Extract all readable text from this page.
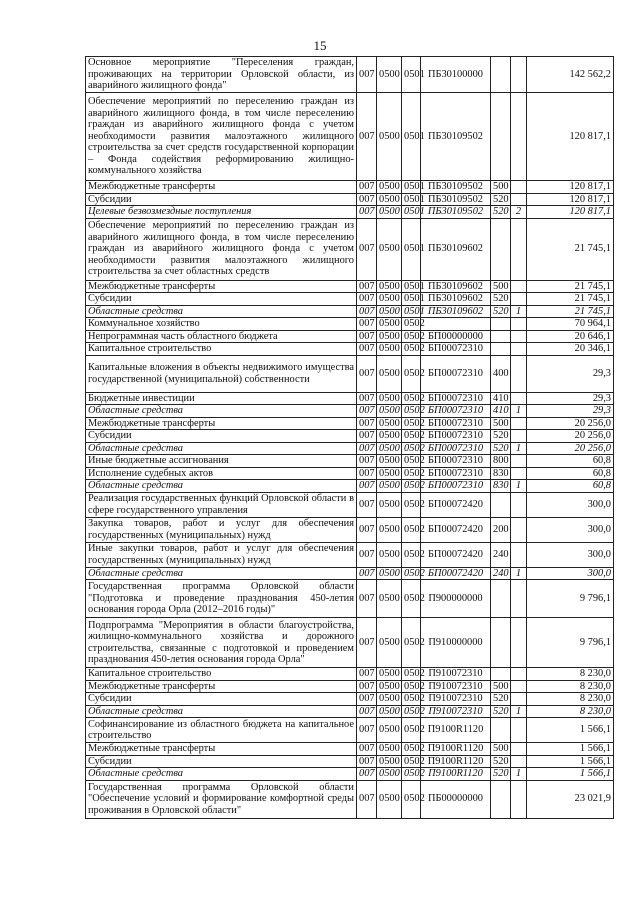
15
Основное мероприятие "Переселения граждан, проживающих на территории Орловской области, из аварийного жилищного фонда"	007	0500	0501	ПБ30100000			142 562,2
Обеспечение мероприятий по переселению граждан из аварийного жилищного фонда, в том числе переселению граждан из аварийного жилищного фонда с учетом необходимости развития малоэтажного жилищного строительства за счет средств государственной корпорации – Фонда содействия реформированию жилищно-коммунального хозяйства	007	0500	0501	ПБ30109502			120 817,1
Межбюджетные трансферты	007	0500	0501	ПБ30109502	500		120 817,1
Субсидии	007	0500	0501	ПБ30109502	520		120 817,1
Целевые безвозмездные поступления	007	0500	0501	ПБ30109502	520	2	120 817,1
Обеспечение мероприятий по переселению граждан из аварийного жилищного фонда, в том числе переселению граждан из аварийного жилищного фонда с учетом необходимости развития малоэтажного жилищного строительства за счет областных средств	007	0500	0501	ПБ30109602			21 745,1
Межбюджетные трансферты	007	0500	0501	ПБ30109602	500		21 745,1
Субсидии	007	0500	0501	ПБ30109602	520		21 745,1
Областные средства	007	0500	0501	ПБ30109602	520	1	21 745,1
Коммунальное хозяйство	007	0500	0502				70 964,1
Непрограммная часть областного бюджета	007	0500	0502	БП00000000			20 646,1
Капитальное строительство	007	0500	0502	БП00072310			20 346,1
Капитальные вложения в объекты недвижимого имущества государственной (муниципальной) собственности	007	0500	0502	БП00072310	400		29,3
Бюджетные инвестиции	007	0500	0502	БП00072310	410		29,3
Областные средства	007	0500	0502	БП00072310	410	1	29,3
Межбюджетные трансферты	007	0500	0502	БП00072310	500		20 256,0
Субсидии	007	0500	0502	БП00072310	520		20 256,0
Областные средства	007	0500	0502	БП00072310	520	1	20 256,0
Иные бюджетные ассигнования	007	0500	0502	БП00072310	800		60,8
Исполнение судебных актов	007	0500	0502	БП00072310	830		60,8
Областные средства	007	0500	0502	БП00072310	830	1	60,8
Реализация государственных функций Орловской области в сфере государственного управления	007	0500	0502	БП00072420			300,0
Закупка товаров, работ и услуг для обеспечения государственных (муниципальных) нужд	007	0500	0502	БП00072420	200		300,0
Иные закупки товаров, работ и услуг для обеспечения государственных (муниципальных) нужд	007	0500	0502	БП00072420	240		300,0
Областные средства	007	0500	0502	БП00072420	240	1	300,0
Государственная программа Орловской области "Подготовка и проведение празднования 450-летия основания города Орла (2012–2016 годы)"	007	0500	0502	П900000000			9 796,1
Подпрограмма "Мероприятия в области благоустройства, жилищно-коммунального хозяйства и дорожного строительства, связанные с подготовкой и проведением празднования 450-летия основания города Орла"	007	0500	0502	П910000000			9 796,1
Капитальное строительство	007	0500	0502	П910072310			8 230,0
Межбюджетные трансферты	007	0500	0502	П910072310	500		8 230,0
Субсидии	007	0500	0502	П910072310	520		8 230,0
Областные средства	007	0500	0502	П910072310	520	1	8 230,0
Софинансирование из областного бюджета на капитальное строительство	007	0500	0502	П9100R1120			1 566,1
Межбюджетные трансферты	007	0500	0502	П9100R1120	500		1 566,1
Субсидии	007	0500	0502	П9100R1120	520		1 566,1
Областные средства	007	0500	0502	П9100R1120	520	1	1 566,1
Государственная программа Орловской области "Обеспечение условий и формирование комфортной среды проживания в Орловской области"	007	0500	0502	ПБ00000000			23 021,9
